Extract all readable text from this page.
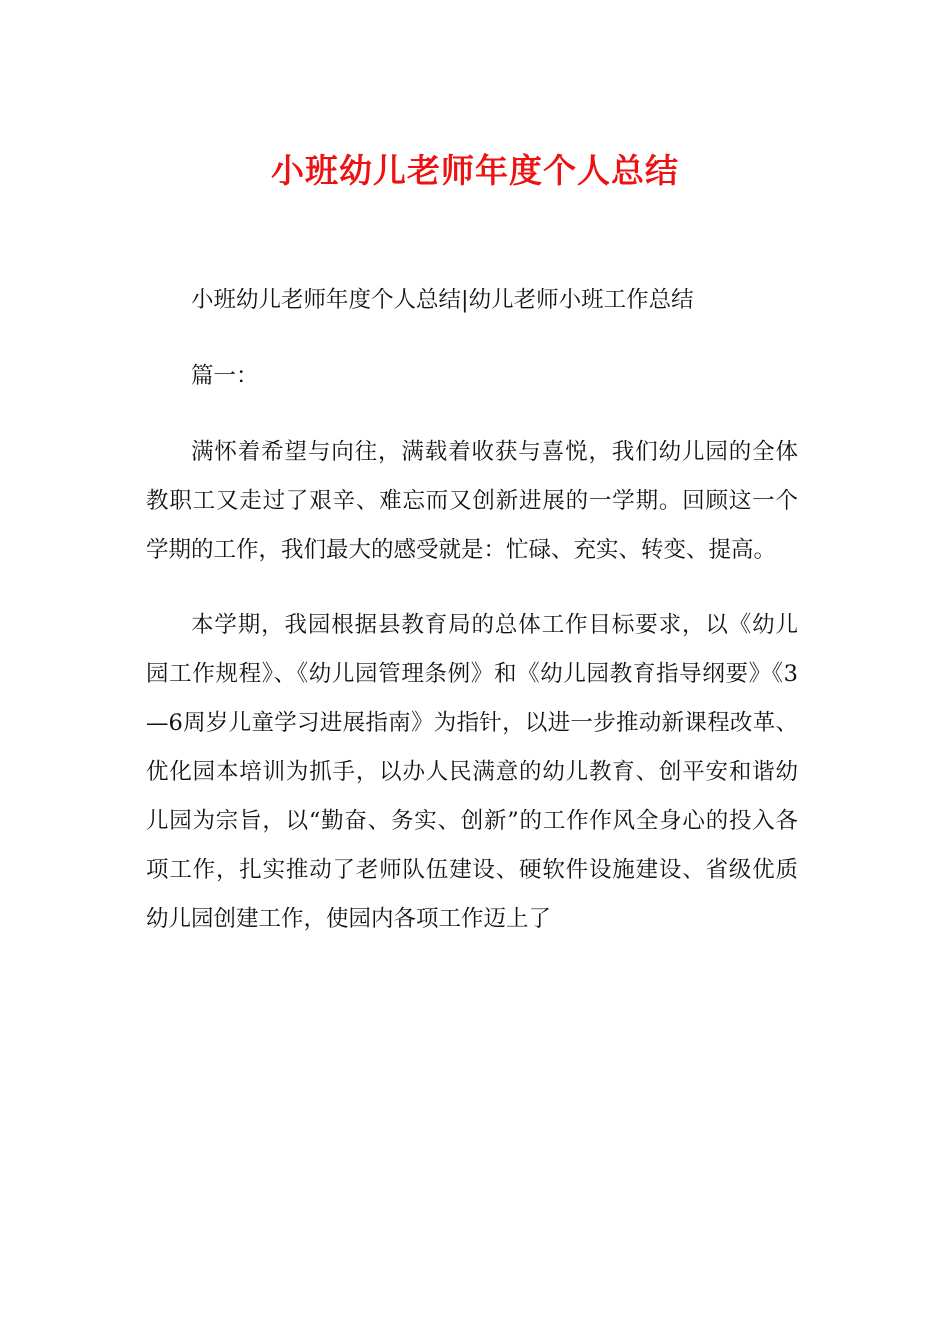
小班幼儿老师年度个人总结

小班幼儿老师年度个人总结|幼儿老师小班工作总结

篇一：

满怀着希望与向往，满载着收获与喜悦，我们幼儿园的全体教职工又走过了艰辛、难忘而又创新进展的一学期。回顾这一个学期的工作，我们最大的感受就是：忙碌、充实、转变、提高。

本学期，我园根据县教育局的总体工作目标要求，以《幼儿园工作规程》、《幼儿园管理条例》和《幼儿园教育指导纲要》《3—6周岁儿童学习进展指南》为指针，以进一步推动新课程改革、优化园本培训为抓手，以办人民满意的幼儿教育、创平安和谐幼儿园为宗旨，以“勤奋、务实、创新”的工作作风全身心的投入各项工作，扎实推动了老师队伍建设、硬软件设施建设、省级优质幼儿园创建工作，使园内各项工作迈上了
